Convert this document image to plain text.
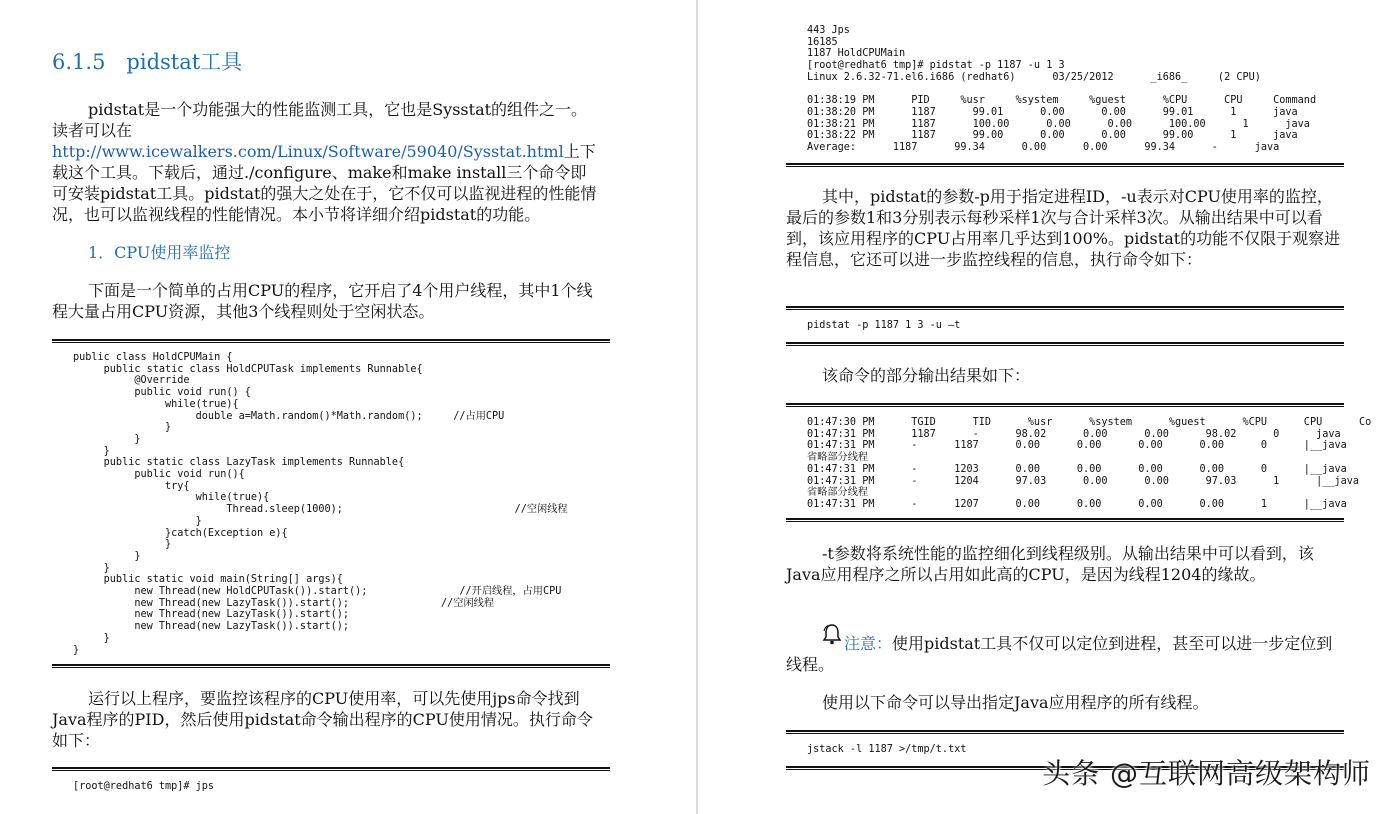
6.1.5　pidstat工具

pidstat是一个功能强大的性能监测工具，它也是Sysstat的组件之一。读者可以在http://www.icewalkers.com/Linux/Software/59040/Sysstat.html上下载这个工具。下载后，通过./configure、make和make install三个命令即可安装pidstat工具。pidstat的强大之处在于，它不仅可以监视进程的性能情况，也可以监视线程的性能情况。本小节将详细介绍pidstat的功能。

1．CPU使用率监控

下面是一个简单的占用CPU的程序，它开启了4个用户线程，其中1个线程大量占用CPU资源，其他3个线程则处于空闲状态。

public class HoldCPUMain {
public static class HoldCPUTask implements Runnable{
@Override
public void run() {
while(true){
double a=Math.random()*Math.random();     //占用CPU
}
}
}
public static class LazyTask implements Runnable{
public void run(){
try{
while(true){
Thread.sleep(1000);                            //空闲线程
}
}catch(Exception e){
}
}
}
public static void main(String[] args){
new Thread(new HoldCPUTask()).start();               //开启线程，占用CPU
new Thread(new LazyTask()).start();               //空闲线程
new Thread(new LazyTask()).start();
new Thread(new LazyTask()).start();
}
}

运行以上程序，要监控该程序的CPU使用率，可以先使用jps命令找到Java程序的PID，然后使用pidstat命令输出程序的CPU使用情况。执行命令如下：

[root@redhat6 tmp]# jps
443 Jps
16185
1187 HoldCPUMain
[root@redhat6 tmp]# pidstat -p 1187 -u 1 3
Linux 2.6.32-71.el6.i686 (redhat6)      03/25/2012      _i686_     (2 CPU)

01:38:19 PM      PID     %usr     %system     %guest      %CPU      CPU     Command
01:38:20 PM      1187      99.01      0.00      0.00      99.01      1      java
01:38:21 PM      1187      100.00      0.00      0.00      100.00      1      java
01:38:22 PM      1187      99.00      0.00      0.00      99.00      1      java
Average:      1187      99.34      0.00      0.00      99.34      -      java

其中，pidstat的参数-p用于指定进程ID，-u表示对CPU使用率的监控，最后的参数1和3分别表示每秒采样1次与合计采样3次。从输出结果中可以看到，该应用程序的CPU占用率几乎达到100%。pidstat的功能不仅限于观察进程信息，它还可以进一步监控线程的信息，执行命令如下：

pidstat -p 1187 1 3 -u –t

该命令的部分输出结果如下：

01:47:30 PM      TGID      TID      %usr      %system      %guest      %CPU      CPU      Co
01:47:31 PM      1187      -      98.02      0.00      0.00      98.02      0      java
01:47:31 PM      -      1187      0.00      0.00      0.00      0.00      0      |__java
省略部分线程
01:47:31 PM      -      1203      0.00      0.00      0.00      0.00      0      |__java
01:47:31 PM      -      1204      97.03      0.00      0.00      97.03      1      |__java
省略部分线程
01:47:31 PM      -      1207      0.00      0.00      0.00      0.00      1      |__java

-t参数将系统性能的监控细化到线程级别。从输出结果中可以看到，该Java应用程序之所以占用如此高的CPU，是因为线程1204的缘故。

注意：使用pidstat工具不仅可以定位到进程，甚至可以进一步定位到线程。

使用以下命令可以导出指定Java应用程序的所有线程。

jstack -l 1187 >/tmp/t.txt
头条 @互联网高级架构师
